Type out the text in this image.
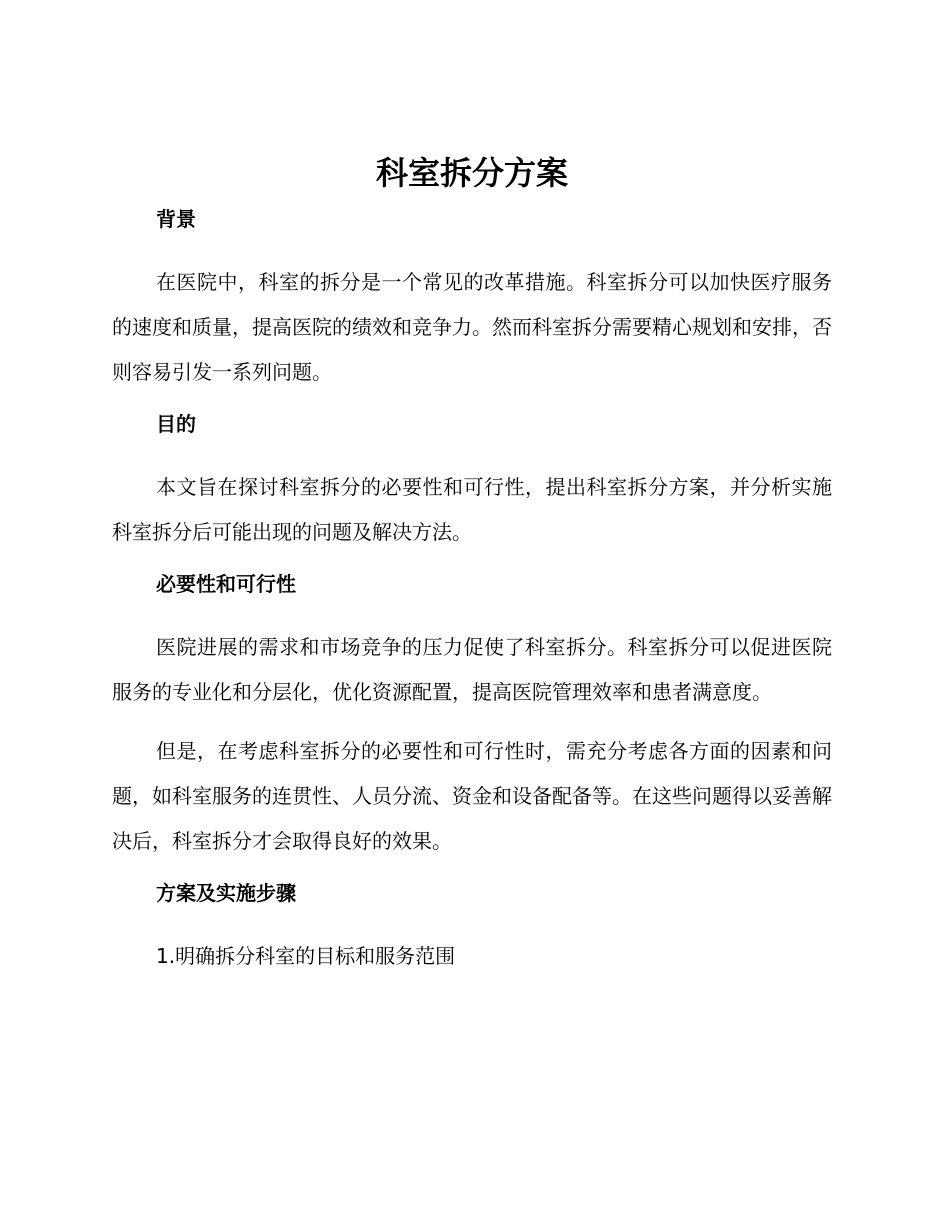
科室拆分方案
背景

在医院中，科室的拆分是一个常见的改革措施。科室拆分可以加快医疗服务的速度和质量，提高医院的绩效和竞争力。然而科室拆分需要精心规划和安排，否则容易引发一系列问题。

目的

本文旨在探讨科室拆分的必要性和可行性，提出科室拆分方案，并分析实施科室拆分后可能出现的问题及解决方法。

必要性和可行性

医院进展的需求和市场竞争的压力促使了科室拆分。科室拆分可以促进医院服务的专业化和分层化，优化资源配置，提高医院管理效率和患者满意度。

但是，在考虑科室拆分的必要性和可行性时，需充分考虑各方面的因素和问题，如科室服务的连贯性、人员分流、资金和设备配备等。在这些问题得以妥善解决后，科室拆分才会取得良好的效果。

方案及实施步骤

1.明确拆分科室的目标和服务范围
